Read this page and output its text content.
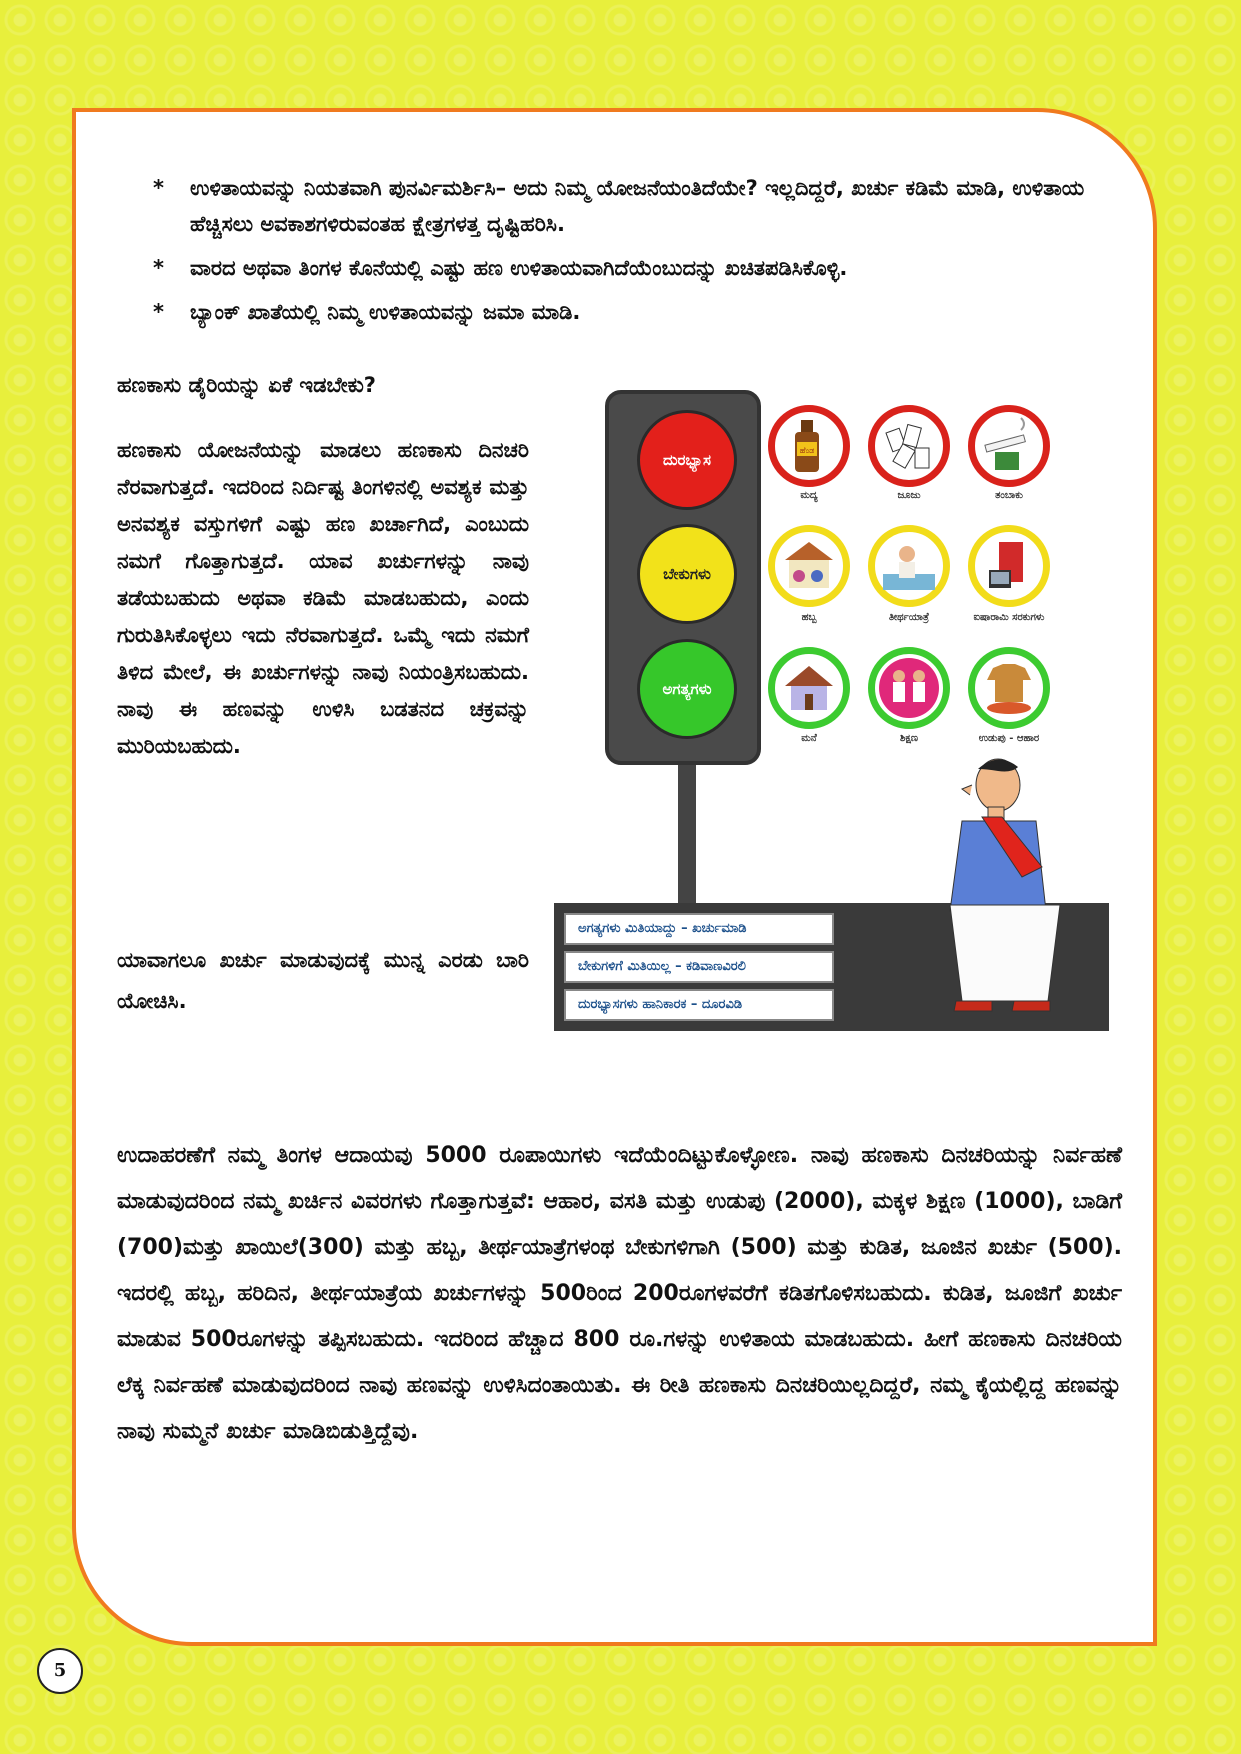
* ಉಳಿತಾಯವನ್ನು ನಿಯತವಾಗಿ ಪುನರ್ವಿಮರ್ಶಿಸಿ– ಅದು ನಿಮ್ಮ ಯೋಜನೆಯಂತಿದೆಯೇ? ಇಲ್ಲದಿದ್ದರೆ, ಖರ್ಚು ಕಡಿಮೆ ಮಾಡಿ, ಉಳಿತಾಯ ಹೆಚ್ಚಿಸಲು ಅವಕಾಶಗಳಿರುವಂತಹ ಕ್ಷೇತ್ರಗಳತ್ತ ದೃಷ್ಟಿಹರಿಸಿ.
* ವಾರದ ಅಥವಾ ತಿಂಗಳ ಕೊನೆಯಲ್ಲಿ ಎಷ್ಟು ಹಣ ಉಳಿತಾಯವಾಗಿದೆಯೆಂಬುದನ್ನು ಖಚಿತಪಡಿಸಿಕೊಳ್ಳಿ.
* ಬ್ಯಾಂಕ್ ಖಾತೆಯಲ್ಲಿ ನಿಮ್ಮ ಉಳಿತಾಯವನ್ನು ಜಮಾ ಮಾಡಿ.
ಹಣಕಾಸು ಡೈರಿಯನ್ನು ಏಕೆ ಇಡಬೇಕು?
ಹಣಕಾಸು ಯೋಜನೆಯನ್ನು ಮಾಡಲು ಹಣಕಾಸು ದಿನಚರಿ ನೆರವಾಗುತ್ತದೆ. ಇದರಿಂದ ನಿರ್ದಿಷ್ಟ ತಿಂಗಳಿನಲ್ಲಿ ಅವಶ್ಯಕ ಮತ್ತು ಅನವಶ್ಯಕ ವಸ್ತುಗಳಿಗೆ ಎಷ್ಟು ಹಣ ಖರ್ಚಾಗಿದೆ, ಎಂಬುದು ನಮಗೆ ಗೊತ್ತಾಗುತ್ತದೆ. ಯಾವ ಖರ್ಚುಗಳನ್ನು ನಾವು ತಡೆಯಬಹುದು ಅಥವಾ ಕಡಿಮೆ ಮಾಡಬಹುದು, ಎಂದು ಗುರುತಿಸಿಕೊಳ್ಳಲು ಇದು ನೆರವಾಗುತ್ತದೆ. ಒಮ್ಮೆ ಇದು ನಮಗೆ ತಿಳಿದ ಮೇಲೆ, ಈ ಖರ್ಚುಗಳನ್ನು ನಾವು ನಿಯಂತ್ರಿಸಬಹುದು. ನಾವು ಈ ಹಣವನ್ನು ಉಳಿಸಿ ಬಡತನದ ಚಕ್ರವನ್ನು ಮುರಿಯಬಹುದು.
ಯಾವಾಗಲೂ ಖರ್ಚು ಮಾಡುವುದಕ್ಕೆ ಮುನ್ನ ಎರಡು ಬಾರಿ ಯೋಚಿಸಿ.
ದುರಭ್ಯಾಸ
ಬೇಕುಗಳು
ಅಗತ್ಯಗಳು
ಹೆಂಡ
ಮದ್ಯ	ಜೂಜು	ತಂಬಾಕು
ಹಬ್ಬ	ತೀರ್ಥಯಾತ್ರೆ	ಐಷಾರಾಮಿ ಸರಕುಗಳು
ಮನೆ	ಶಿಕ್ಷಣ	ಉಡುಪು - ಆಹಾರ
ಅಗತ್ಯಗಳು ಮಿತಿಯಾದ್ದು – ಖರ್ಚುಮಾಡಿ
ಬೇಕುಗಳಿಗೆ ಮಿತಿಯಿಲ್ಲ – ಕಡಿವಾಣವಿರಲಿ
ದುರಭ್ಯಾಸಗಳು ಹಾನಿಕಾರಕ – ದೂರವಿಡಿ
ಉದಾಹರಣೆಗೆ ನಮ್ಮ ತಿಂಗಳ ಆದಾಯವು 5000 ರೂಪಾಯಿಗಳು ಇದೆಯೆಂದಿಟ್ಟುಕೊಳ್ಳೋಣ. ನಾವು ಹಣಕಾಸು ದಿನಚರಿಯನ್ನು ನಿರ್ವಹಣೆ ಮಾಡುವುದರಿಂದ ನಮ್ಮ ಖರ್ಚಿನ ವಿವರಗಳು ಗೊತ್ತಾಗುತ್ತವೆ: ಆಹಾರ, ವಸತಿ ಮತ್ತು ಉಡುಪು (2000), ಮಕ್ಕಳ ಶಿಕ್ಷಣ (1000), ಬಾಡಿಗೆ (700)ಮತ್ತು ಖಾಯಿಲೆ(300) ಮತ್ತು ಹಬ್ಬ, ತೀರ್ಥಯಾತ್ರೆಗಳಂಥ ಬೇಕುಗಳಿಗಾಗಿ (500) ಮತ್ತು ಕುಡಿತ, ಜೂಜಿನ ಖರ್ಚು (500). ಇದರಲ್ಲಿ ಹಬ್ಬ, ಹರಿದಿನ, ತೀರ್ಥಯಾತ್ರೆಯ ಖರ್ಚುಗಳನ್ನು 500ರಿಂದ 200ರೂಗಳವರೆಗೆ ಕಡಿತಗೊಳಿಸಬಹುದು. ಕುಡಿತ, ಜೂಜಿಗೆ ಖರ್ಚು ಮಾಡುವ 500ರೂಗಳನ್ನು ತಪ್ಪಿಸಬಹುದು. ಇದರಿಂದ ಹೆಚ್ಚಾದ 800 ರೂ.ಗಳನ್ನು ಉಳಿತಾಯ ಮಾಡಬಹುದು. ಹೀಗೆ ಹಣಕಾಸು ದಿನಚರಿಯ ಲೆಕ್ಕ ನಿರ್ವಹಣೆ ಮಾಡುವುದರಿಂದ ನಾವು ಹಣವನ್ನು ಉಳಿಸಿದಂತಾಯಿತು. ಈ ರೀತಿ ಹಣಕಾಸು ದಿನಚರಿಯಿಲ್ಲದಿದ್ದರೆ, ನಮ್ಮ ಕೈಯಲ್ಲಿದ್ದ ಹಣವನ್ನು ನಾವು ಸುಮ್ಮನೆ ಖರ್ಚು ಮಾಡಿಬಿಡುತ್ತಿದ್ದೆವು.
5
